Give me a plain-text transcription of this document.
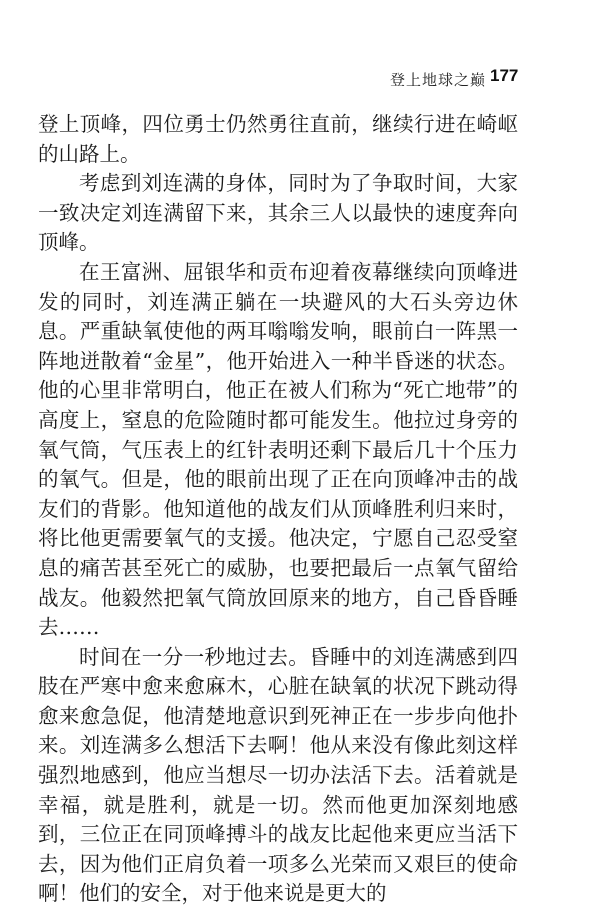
登上地球之巅 177

登上顶峰，四位勇士仍然勇往直前，继续行进在崎岖的山路上。

考虑到刘连满的身体，同时为了争取时间，大家一致决定刘连满留下来，其余三人以最快的速度奔向顶峰。

在王富洲、屈银华和贡布迎着夜幕继续向顶峰进发的同时，刘连满正躺在一块避风的大石头旁边休息。严重缺氧使他的两耳嗡嗡发响，眼前白一阵黑一阵地迸散着“金星”，他开始进入一种半昏迷的状态。他的心里非常明白，他正在被人们称为“死亡地带”的高度上，窒息的危险随时都可能发生。他拉过身旁的氧气筒，气压表上的红针表明还剩下最后几十个压力的氧气。但是，他的眼前出现了正在向顶峰冲击的战友们的背影。他知道他的战友们从顶峰胜利归来时，将比他更需要氧气的支援。他决定，宁愿自己忍受窒息的痛苦甚至死亡的威胁，也要把最后一点氧气留给战友。他毅然把氧气筒放回原来的地方，自己昏昏睡去……

时间在一分一秒地过去。昏睡中的刘连满感到四肢在严寒中愈来愈麻木，心脏在缺氧的状况下跳动得愈来愈急促，他清楚地意识到死神正在一步步向他扑来。刘连满多么想活下去啊！他从来没有像此刻这样强烈地感到，他应当想尽一切办法活下去。活着就是幸福，就是胜利，就是一切。然而他更加深刻地感到，三位正在同顶峰搏斗的战友比起他来更应当活下去，因为他们正肩负着一项多么光荣而又艰巨的使命啊！他们的安全，对于他来说是更大的
